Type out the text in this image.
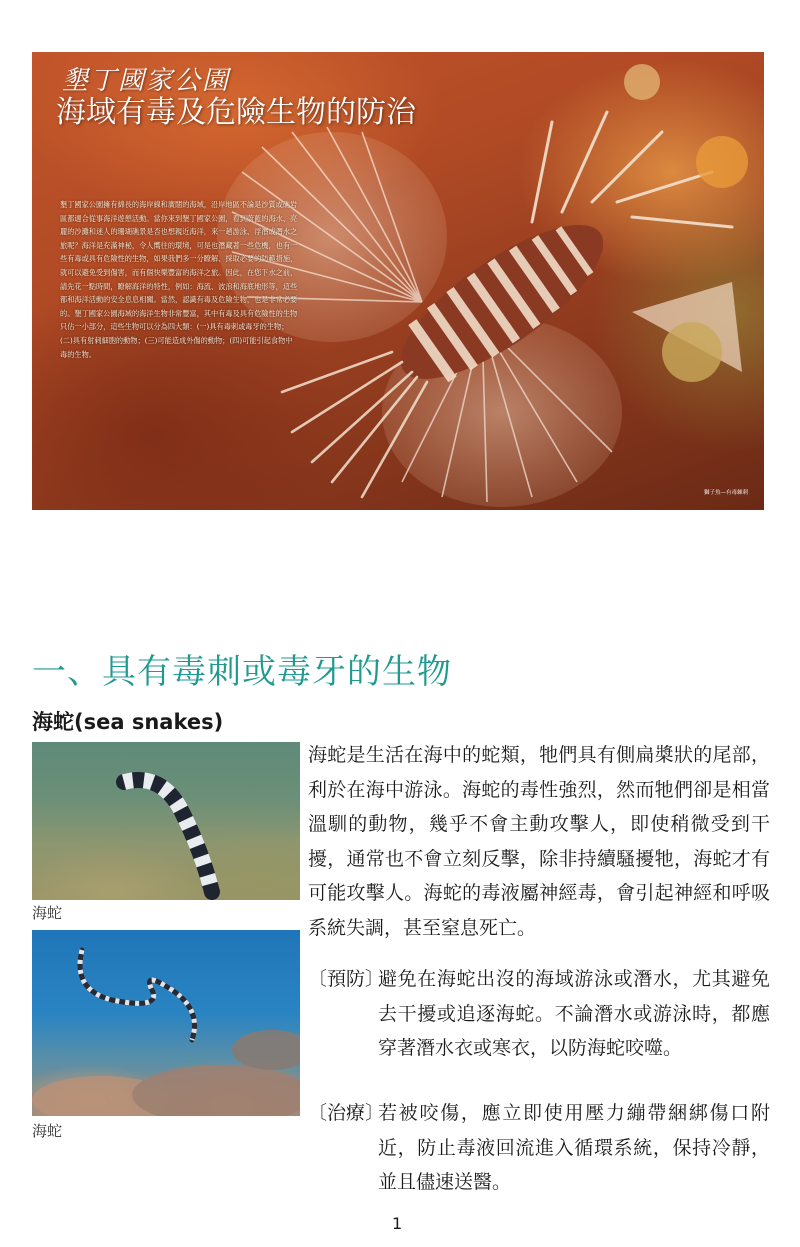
墾丁國家公園
海域有毒及危險生物的防治
墾丁國家公園擁有綿長的海岸線和廣闊的海域，沿岸地區不論是沙質或礁岩區都適合從事海洋遊憩活動。當你來到墾丁國家公園，看到蔚藍的海水、亮麗的沙灘和迷人的珊瑚礁景是否也想親近海洋，來一趟游泳、浮潛或潛水之旅呢？海洋是充滿神秘，令人嚮往的環境，可是也潛藏著一些危機，也有一些有毒或具有危險性的生物，如果我們多一分瞭解、採取必要的防範措施，就可以避免受到傷害，而有個快樂豐富的海洋之旅。因此，在您下水之前，請先花一點時間，瞭解海洋的特性，例如：海流、波浪和海底地形等，這些都和海洋活動的安全息息相關。當然，認識有毒及危險生物，也是非常必要的。墾丁國家公園海域的海洋生物非常豐富，其中有毒及具有危險性的生物只佔一小部分，這些生物可以分為四大類：(一)具有毒刺或毒牙的生物；(二)具有射刺細胞的動物；(三)可能造成外傷的動物；(四)可能引起食物中毒的生物。
獅子魚—有毒棘刺
一、具有毒刺或毒牙的生物
海蛇(sea snakes)
海蛇
海蛇

海蛇是生活在海中的蛇類，牠們具有側扁槳狀的尾部，利於在海中游泳。海蛇的毒性強烈，然而牠們卻是相當溫馴的動物，幾乎不會主動攻擊人，即使稍微受到干擾，通常也不會立刻反擊，除非持續騷擾牠，海蛇才有可能攻擊人。海蛇的毒液屬神經毒，會引起神經和呼吸系統失調，甚至窒息死亡。

〔預防〕
避免在海蛇出沒的海域游泳或潛水，尤其避免去干擾或追逐海蛇。不論潛水或游泳時，都應穿著潛水衣或寒衣，以防海蛇咬噬。
〔治療〕
若被咬傷，應立即使用壓力繃帶綑綁傷口附近，防止毒液回流進入循環系統，保持冷靜，並且儘速送醫。
1
